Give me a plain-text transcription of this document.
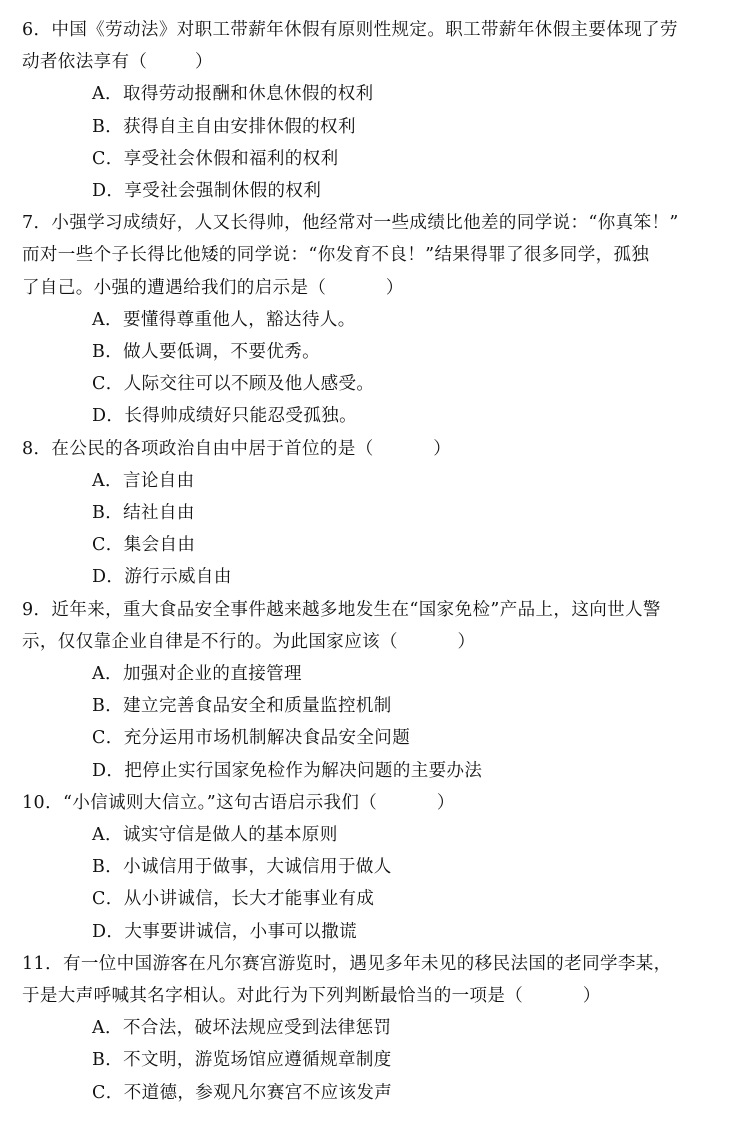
6．中国《劳动法》对职工带薪年休假有原则性规定。职工带薪年休假主要体现了劳
动者依法享有（        ）
A．取得劳动报酬和休息休假的权利
B．获得自主自由安排休假的权利
C．享受社会休假和福利的权利
D．享受社会强制休假的权利
7．小强学习成绩好，人又长得帅，他经常对一些成绩比他差的同学说：“你真笨！”
而对一些个子长得比他矮的同学说：“你发育不良！”结果得罪了很多同学，孤独
了自己。小强的遭遇给我们的启示是（          ）
A．要懂得尊重他人，豁达待人。
B．做人要低调，不要优秀。
C．人际交往可以不顾及他人感受。
D．长得帅成绩好只能忍受孤独。
8．在公民的各项政治自由中居于首位的是（          ）
A．言论自由
B．结社自由
C．集会自由
D．游行示威自由
9．近年来，重大食品安全事件越来越多地发生在“国家免检”产品上，这向世人警
示，仅仅靠企业自律是不行的。为此国家应该（          ）
A．加强对企业的直接管理
B．建立完善食品安全和质量监控机制
C．充分运用市场机制解决食品安全问题
D．把停止实行国家免检作为解决问题的主要办法
10．“小信诚则大信立。”这句古语启示我们（          ）
A．诚实守信是做人的基本原则
B．小诚信用于做事，大诚信用于做人
C．从小讲诚信，长大才能事业有成
D．大事要讲诚信，小事可以撒谎
11．有一位中国游客在凡尔赛宫游览时，遇见多年未见的移民法国的老同学李某，
于是大声呼喊其名字相认。对此行为下列判断最恰当的一项是（          ）
A．不合法，破坏法规应受到法律惩罚
B．不文明，游览场馆应遵循规章制度
C．不道德，参观凡尔赛宫不应该发声
